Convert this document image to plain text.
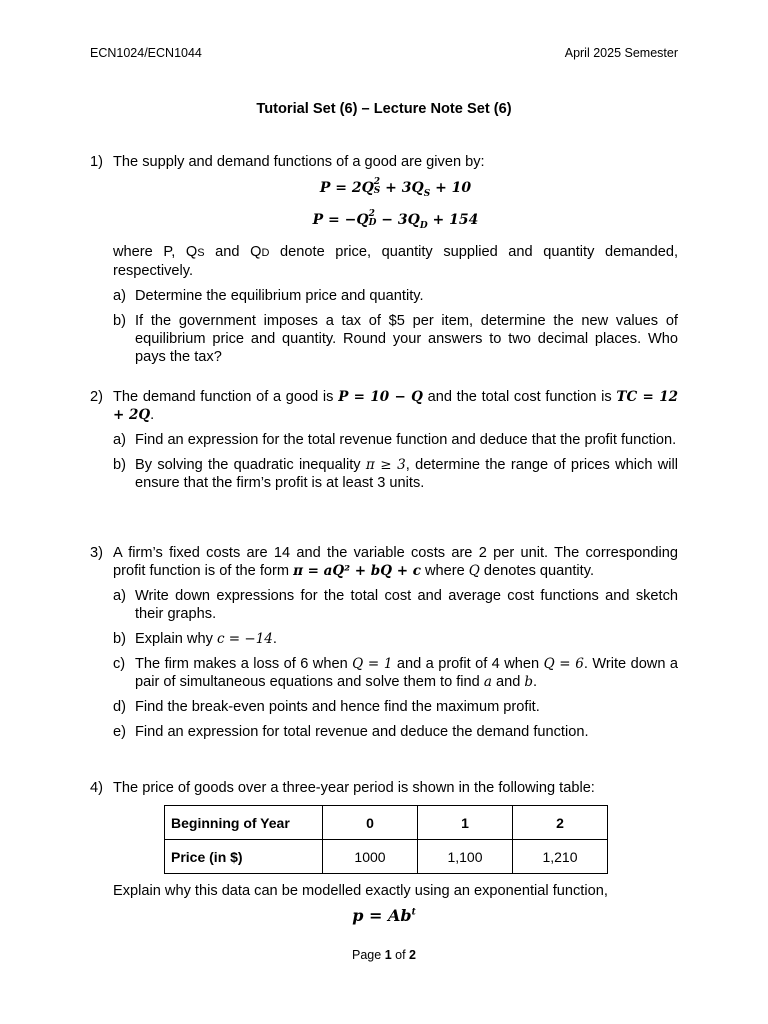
ECN1024/ECN1044	April 2025 Semester
Tutorial Set (6) – Lecture Note Set (6)
1) The supply and demand functions of a good are given by:
P = 2Q 2
$S + 3Q_S + 10$
P = −Q 2
$D - 3Q_D + 154$
where P, QS and QD denote price, quantity supplied and quantity demanded, respectively.
a) Determine the equilibrium price and quantity.
b) If the government imposes a tax of $5 per item, determine the new values of equilibrium price and quantity. Round your answers to two decimal places. Who pays the tax?
2) The demand function of a good is P = 10 − Q and the total cost function is TC = 12 + 2Q.
a) Find an expression for the total revenue function and deduce that the profit function.
b) By solving the quadratic inequality π ≥ 3, determine the range of prices which will ensure that the firm’s profit is at least 3 units.
3) A firm’s fixed costs are 14 and the variable costs are 2 per unit. The corresponding profit function is of the form π = aQ² + bQ + c where Q denotes quantity.
a) Write down expressions for the total cost and average cost functions and sketch their graphs.
b) Explain why c = −14.
c) The firm makes a loss of 6 when Q = 1 and a profit of 4 when Q = 6. Write down a pair of simultaneous equations and solve them to find a and b.
d) Find the break-even points and hence find the maximum profit.
e) Find an expression for total revenue and deduce the demand function.
4) The price of goods over a three-year period is shown in the following table:
Beginning of Year	0	1	2
Price (in $)	1000	1,100	1,210
Explain why this data can be modelled exactly using an exponential function,
$p = Ab^t$
Page 1 of 2
